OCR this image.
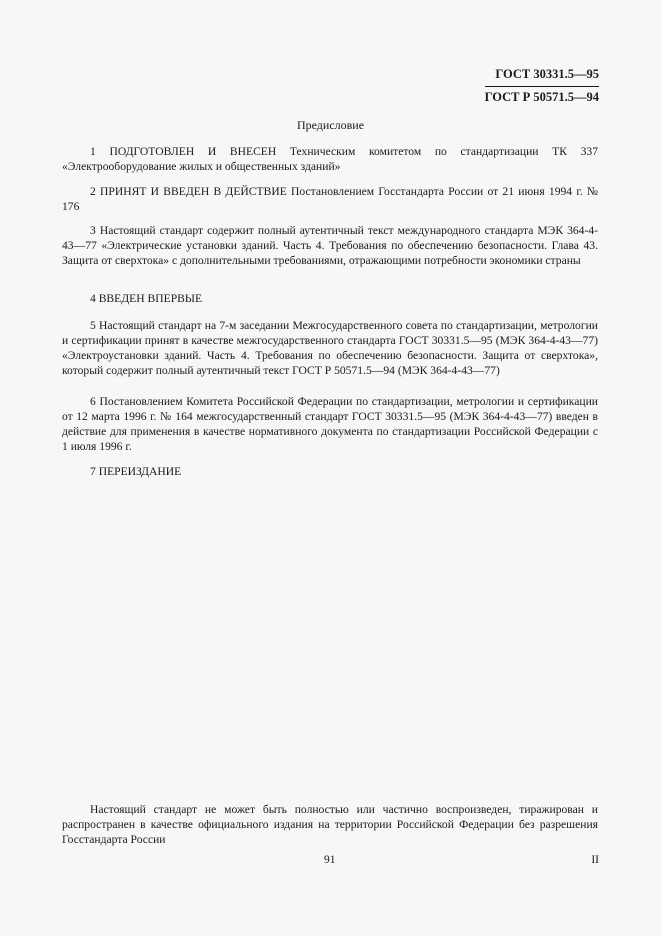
ГОСТ 30331.5—95
ГОСТ Р 50571.5—94
Предисловие
1 ПОДГОТОВЛЕН И ВНЕСЕН Техническим комитетом по стандартизации ТК 337 «Электрооборудование жилых и общественных зданий»
2 ПРИНЯТ И ВВЕДЕН В ДЕЙСТВИЕ Постановлением Госстандарта России от 21 июня 1994 г. № 176
3 Настоящий стандарт содержит полный аутентичный текст международного стандарта МЭК 364-4-43—77 «Электрические установки зданий. Часть 4. Требования по обеспечению безопасности. Глава 43. Защита от сверхтока» с дополнительными требованиями, отражающими потребности экономики страны
4 ВВЕДЕН ВПЕРВЫЕ
5 Настоящий стандарт на 7-м заседании Межгосударственного совета по стандартизации, метрологии и сертификации принят в качестве межгосударственного стандарта ГОСТ 30331.5—95 (МЭК 364-4-43—77) «Электроустановки зданий. Часть 4. Требования по обеспечению безопасности. Защита от сверхтока», который содержит полный аутентичный текст ГОСТ Р 50571.5—94 (МЭК 364-4-43—77)
6 Постановлением Комитета Российской Федерации по стандартизации, метрологии и сертификации от 12 марта 1996 г. № 164 межгосударственный стандарт ГОСТ 30331.5—95 (МЭК 364-4-43—77) введен в действие для применения в качестве нормативного документа по стандартизации Российской Федерации с 1 июля 1996 г.
7 ПЕРЕИЗДАНИЕ
Настоящий стандарт не может быть полностью или частично воспроизведен, тиражирован и распространен в качестве официального издания на территории Российской Федерации без разрешения Госстандарта России
91	II
